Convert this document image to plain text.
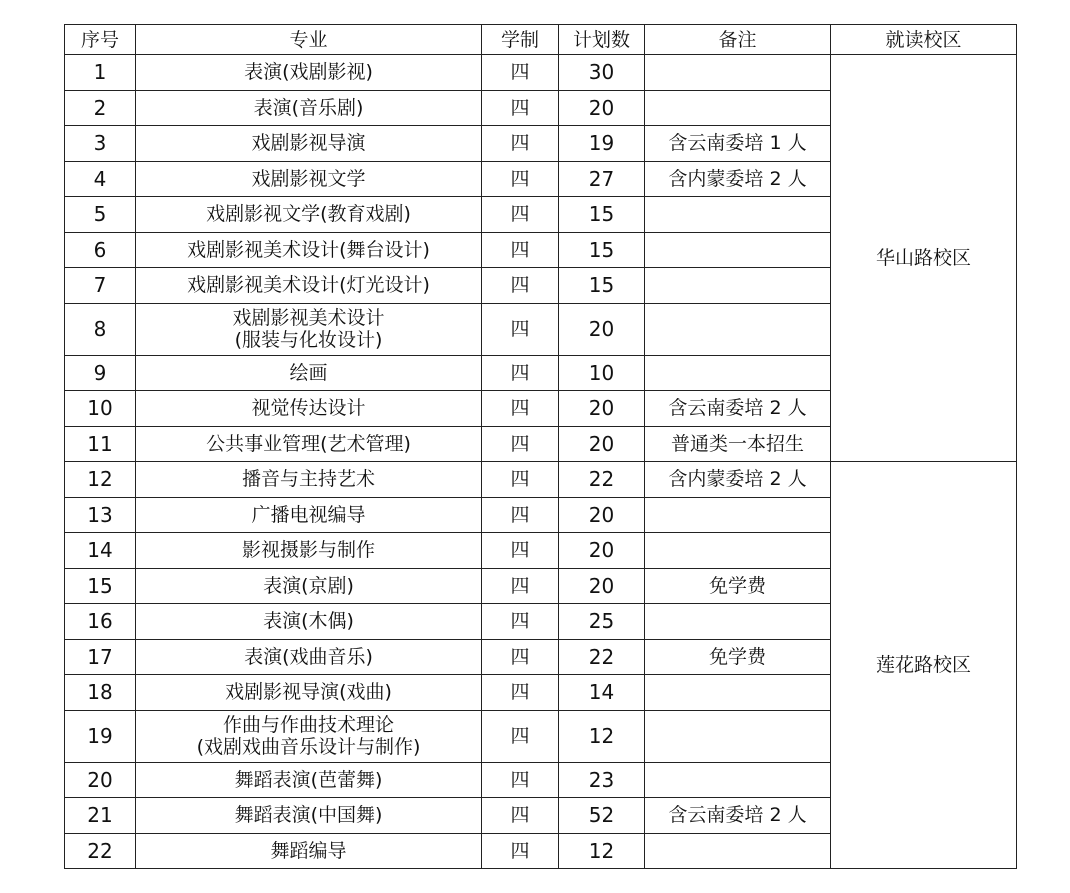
序号	专业	学制	计划数	备注	就读校区
1	表演(戏剧影视)	四	30		华山路校区
2	表演(音乐剧)	四	20		
3	戏剧影视导演	四	19	含云南委培 1 人	
4	戏剧影视文学	四	27	含内蒙委培 2 人	
5	戏剧影视文学(教育戏剧)	四	15		
6	戏剧影视美术设计(舞台设计)	四	15		
7	戏剧影视美术设计(灯光设计)	四	15		
8	戏剧影视美术设计
(服装与化妆设计)	四	20		
9	绘画	四	10		
10	视觉传达设计	四	20	含云南委培 2 人	
11	公共事业管理(艺术管理)	四	20	普通类一本招生	
12	播音与主持艺术	四	22	含内蒙委培 2 人	莲花路校区
13	广播电视编导	四	20		
14	影视摄影与制作	四	20		
15	表演(京剧)	四	20	免学费	
16	表演(木偶)	四	25		
17	表演(戏曲音乐)	四	22	免学费	
18	戏剧影视导演(戏曲)	四	14		
19	作曲与作曲技术理论
(戏剧戏曲音乐设计与制作)	四	12		
20	舞蹈表演(芭蕾舞)	四	23		
21	舞蹈表演(中国舞)	四	52	含云南委培 2 人	
22	舞蹈编导	四	12		
